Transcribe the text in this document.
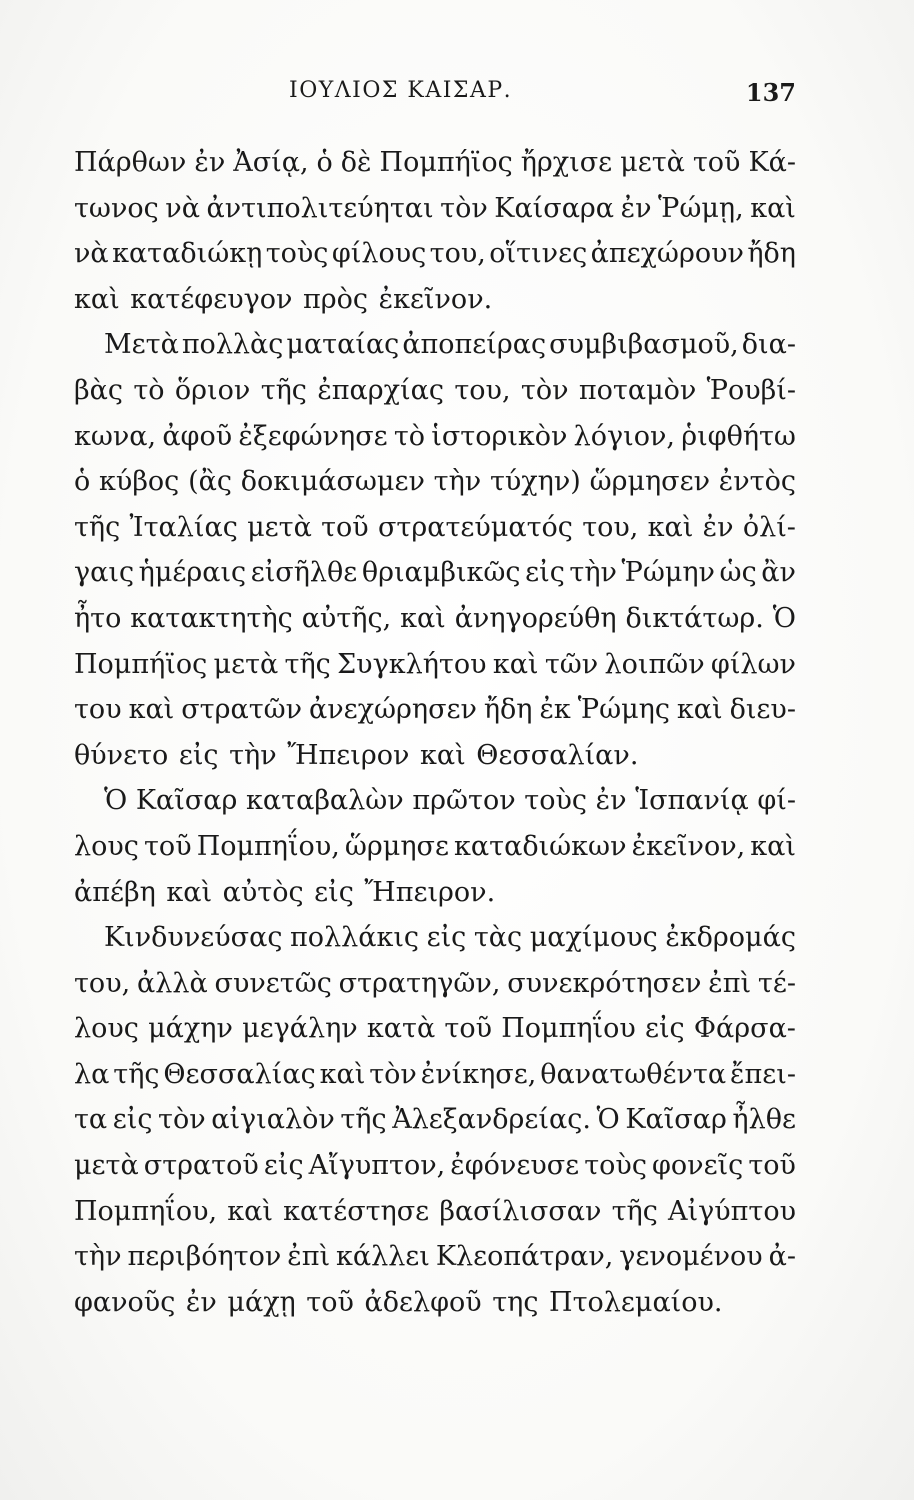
ΙΟΥΛΙΟΣ ΚΑΙΣΑΡ.	137
Πάρθων ἐν Ἀσίᾳ, ὁ δὲ Πομπήϊος ἤρχισε μετὰ τοῦ Κά-
τωνος νὰ ἀντιπολιτεύηται τὸν Καίσαρα ἐν Ῥώμῃ, καὶ
νὰ καταδιώκῃ τοὺς φίλους του, οἵτινες ἀπεχώρουν ἤδη
καὶ κατέφευγον πρὸς ἐκεῖνον.
Μετὰ πολλὰς ματαίας ἀποπείρας συμβιβασμοῦ, δια-
βὰς τὸ ὅριον τῆς ἐπαρχίας του, τὸν ποταμὸν Ῥουβί-
κωνα, ἀφοῦ ἐξεφώνησε τὸ ἱστορικὸν λόγιον, ῥιφθήτω
ὁ κύβος (ἂς δοκιμάσωμεν τὴν τύχην) ὥρμησεν ἐντὸς
τῆς Ἰταλίας μετὰ τοῦ στρατεύματός του, καὶ ἐν ὀλί-
γαις ἡμέραις εἰσῆλθε θριαμβικῶς εἰς τὴν Ῥώμην ὡς ἂν
ἦτο κατακτητὴς αὐτῆς, καὶ ἀνηγορεύθη δικτάτωρ. Ὁ
Πομπήϊος μετὰ τῆς Συγκλήτου καὶ τῶν λοιπῶν φίλων
του καὶ στρατῶν ἀνεχώρησεν ἤδη ἐκ Ῥώμης καὶ διευ-
θύνετο εἰς τὴν Ἤπειρον καὶ Θεσσαλίαν.
Ὁ Καῖσαρ καταβαλὼν πρῶτον τοὺς ἐν Ἱσπανίᾳ φί-
λους τοῦ Πομπηΐου, ὥρμησε καταδιώκων ἐκεῖνον, καὶ
ἀπέβη καὶ αὐτὸς εἰς Ἤπειρον.
Κινδυνεύσας πολλάκις εἰς τὰς μαχίμους ἐκδρομάς
του, ἀλλὰ συνετῶς στρατηγῶν, συνεκρότησεν ἐπὶ τέ-
λους μάχην μεγάλην κατὰ τοῦ Πομπηΐου εἰς Φάρσα-
λα τῆς Θεσσαλίας καὶ τὸν ἐνίκησε, θανατωθέντα ἔπει-
τα εἰς τὸν αἰγιαλὸν τῆς Ἀλεξανδρείας. Ὁ Καῖσαρ ἦλθε
μετὰ στρατοῦ εἰς Αἴγυπτον, ἐφόνευσε τοὺς φονεῖς τοῦ
Πομπηΐου, καὶ κατέστησε βασίλισσαν τῆς Αἰγύπτου
τὴν περιβόητον ἐπὶ κάλλει Κλεοπάτραν, γενομένου ἀ-
φανοῦς ἐν μάχῃ τοῦ ἀδελφοῦ της Πτολεμαίου.
